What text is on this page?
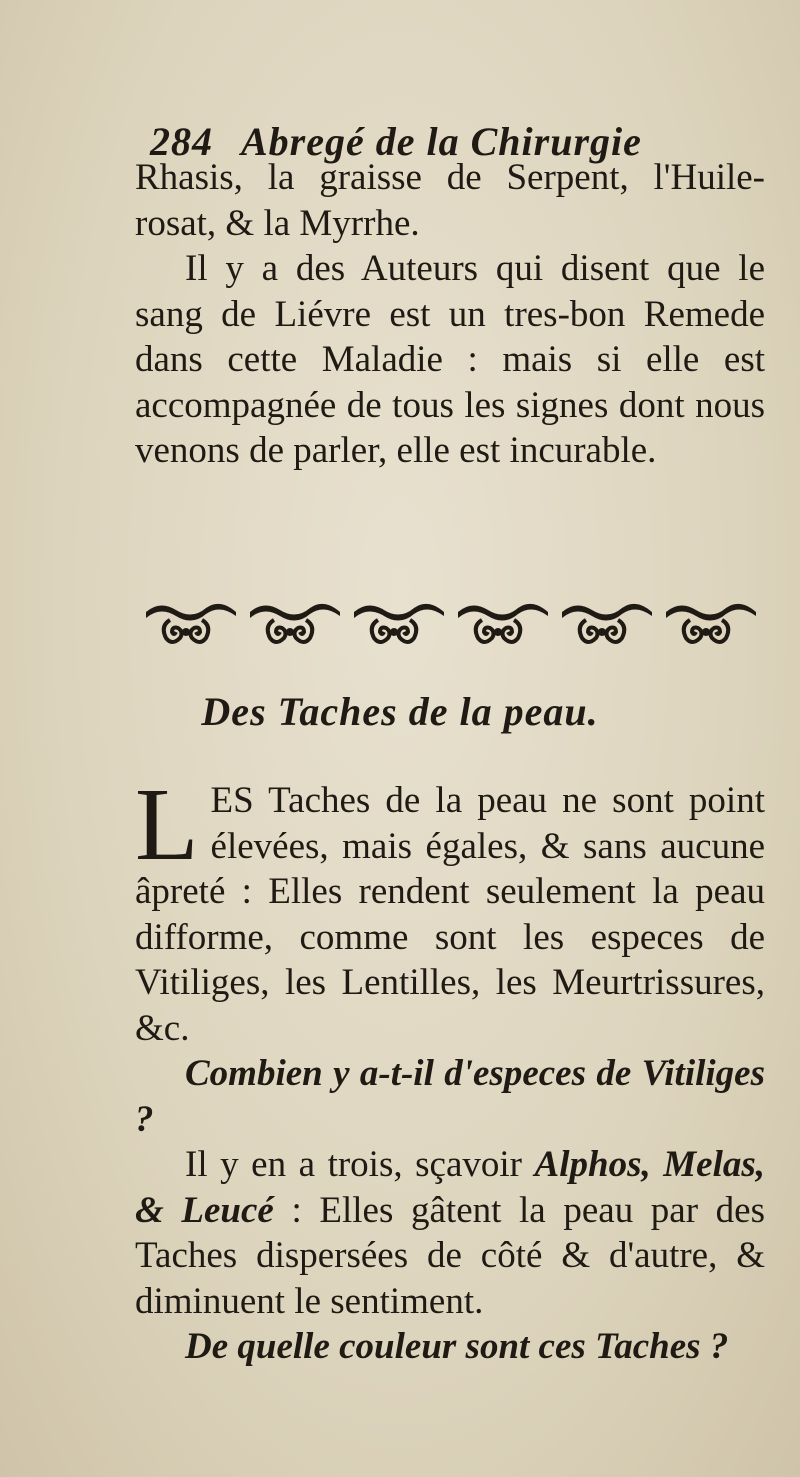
284 Abregé de la Chirurgie

Rhasis, la graisse de Serpent, l'Huile-rosat, & la Myrrhe.

Il y a des Auteurs qui disent que le sang de Liévre est un tres-bon Remede dans cette Maladie : mais si elle est accompagnée de tous les signes dont nous venons de parler, elle est incurable.

Des Taches de la peau.

LES Taches de la peau ne sont point élevées, mais égales, & sans aucune âpreté : Elles rendent seulement la peau difforme, comme sont les especes de Vitiliges, les Lentilles, les Meurtrissures, &c.

Combien y a-t-il d'especes de Vitiliges ?

Il y en a trois, sçavoir Alphos, Melas, & Leucé : Elles gâtent la peau par des Taches dispersées de côté & d'autre, & diminuent le sentiment.

De quelle couleur sont ces Taches ?
